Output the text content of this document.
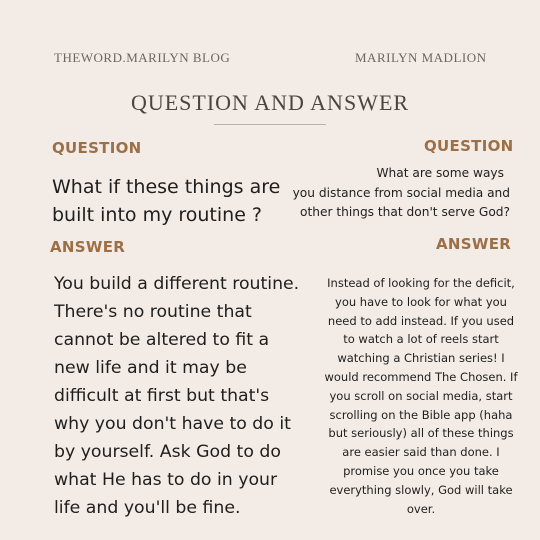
THEWORD.MARILYN BLOG	MARILYN MADLION
QUESTION AND ANSWER
QUESTION
What if these things are
built into my routine ?
ANSWER
You build a different routine.
There's no routine that
cannot be altered to fit a
new life and it may be
difficult at first but that's
why you don't have to do it
by yourself. Ask God to do
what He has to do in your
life and you'll be fine.
QUESTION
What are some ways
you distance from social media and
other things that don't serve God?
ANSWER
Instead of looking for the deficit,
you have to look for what you
need to add instead. If you used
to watch a lot of reels start
watching a Christian series! I
would recommend The Chosen. If
you scroll on social media, start
scrolling on the Bible app (haha
but seriously) all of these things
are easier said than done. I
promise you once you take
everything slowly, God will take
over.
